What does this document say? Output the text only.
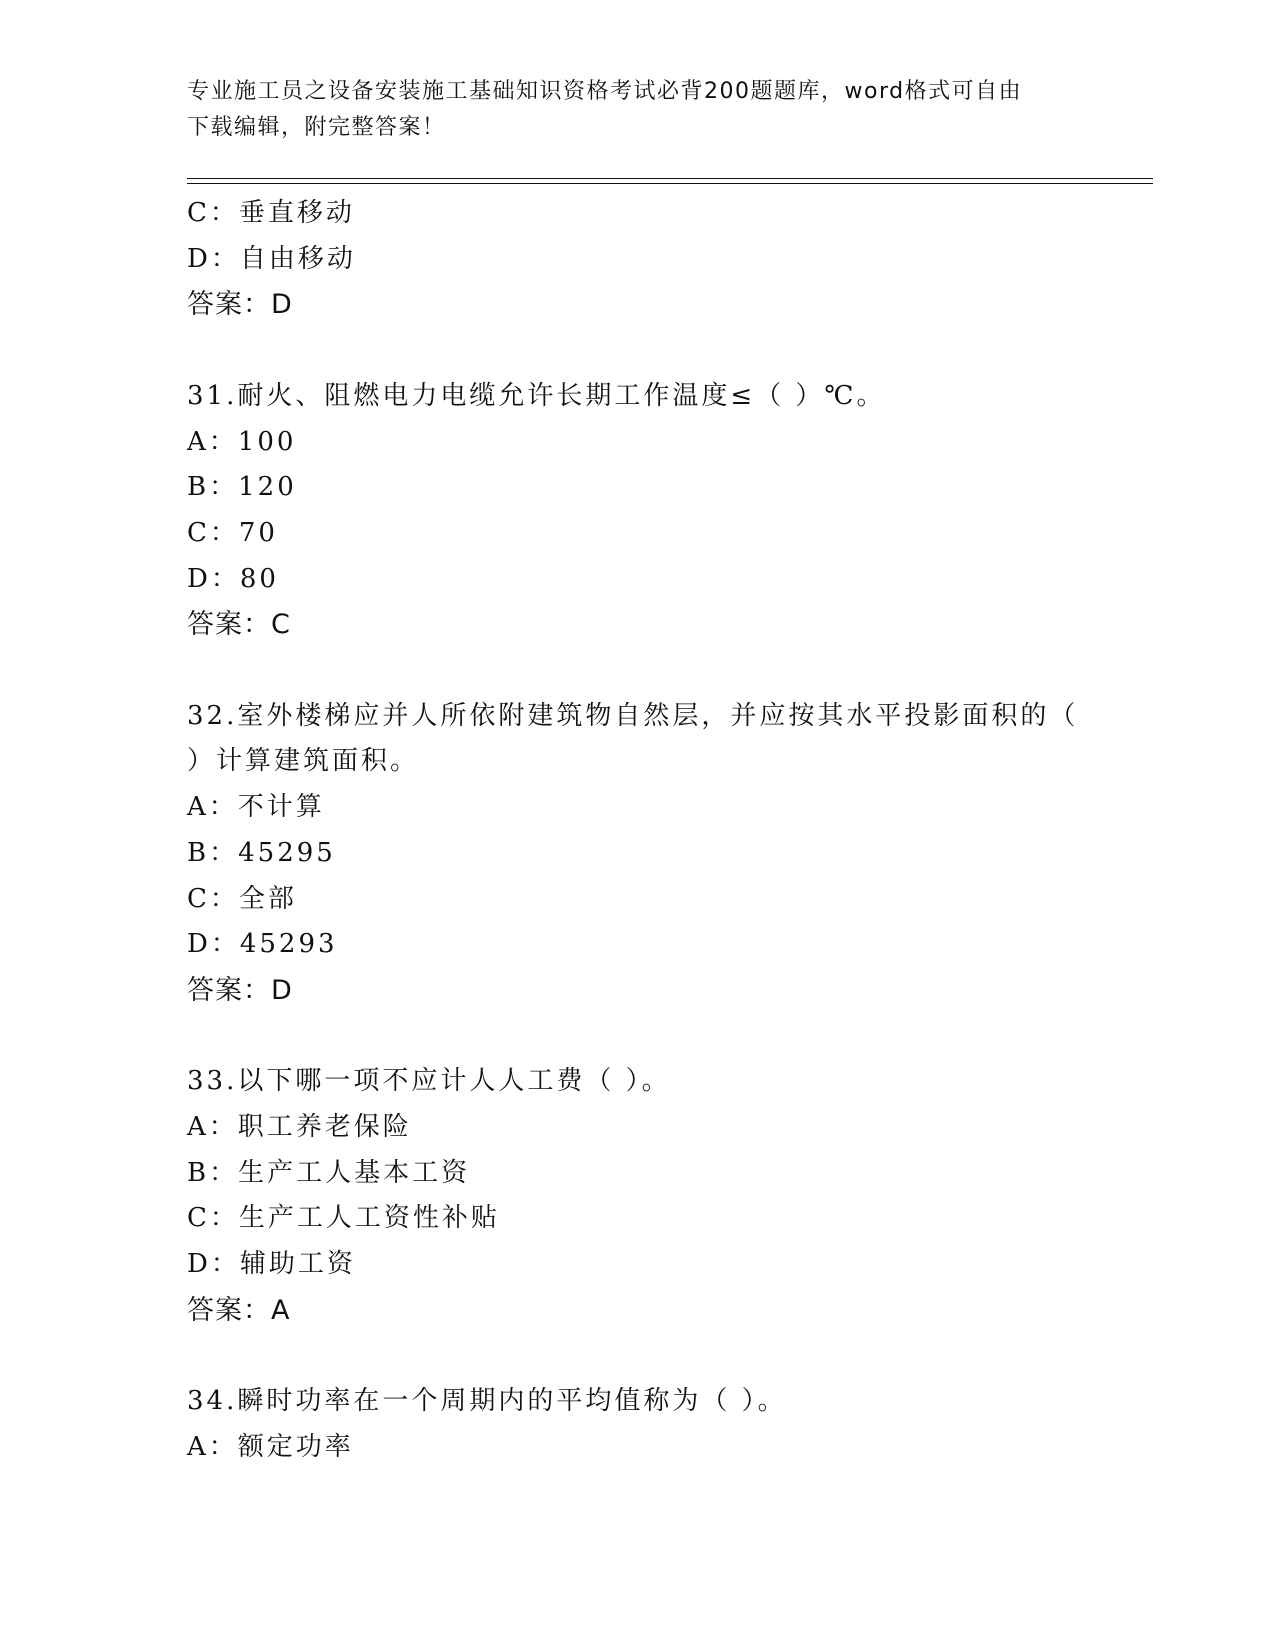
专业施工员之设备安装施工基础知识资格考试必背200题题库，word格式可自由
下载编辑，附完整答案！
C：垂直移动
D：自由移动
答案：D
31.耐火、阻燃电力电缆允许长期工作温度≤（ ）℃。
A：100
B：120
C：70
D：80
答案：C
32.室外楼梯应并人所依附建筑物自然层，并应按其水平投影面积的（
）计算建筑面积。
A：不计算
B：45295
C：全部
D：45293
答案：D
33.以下哪一项不应计人人工费（ ）。
A：职工养老保险
B：生产工人基本工资
C：生产工人工资性补贴
D：辅助工资
答案：A
34.瞬时功率在一个周期内的平均值称为（ ）。
A：额定功率
